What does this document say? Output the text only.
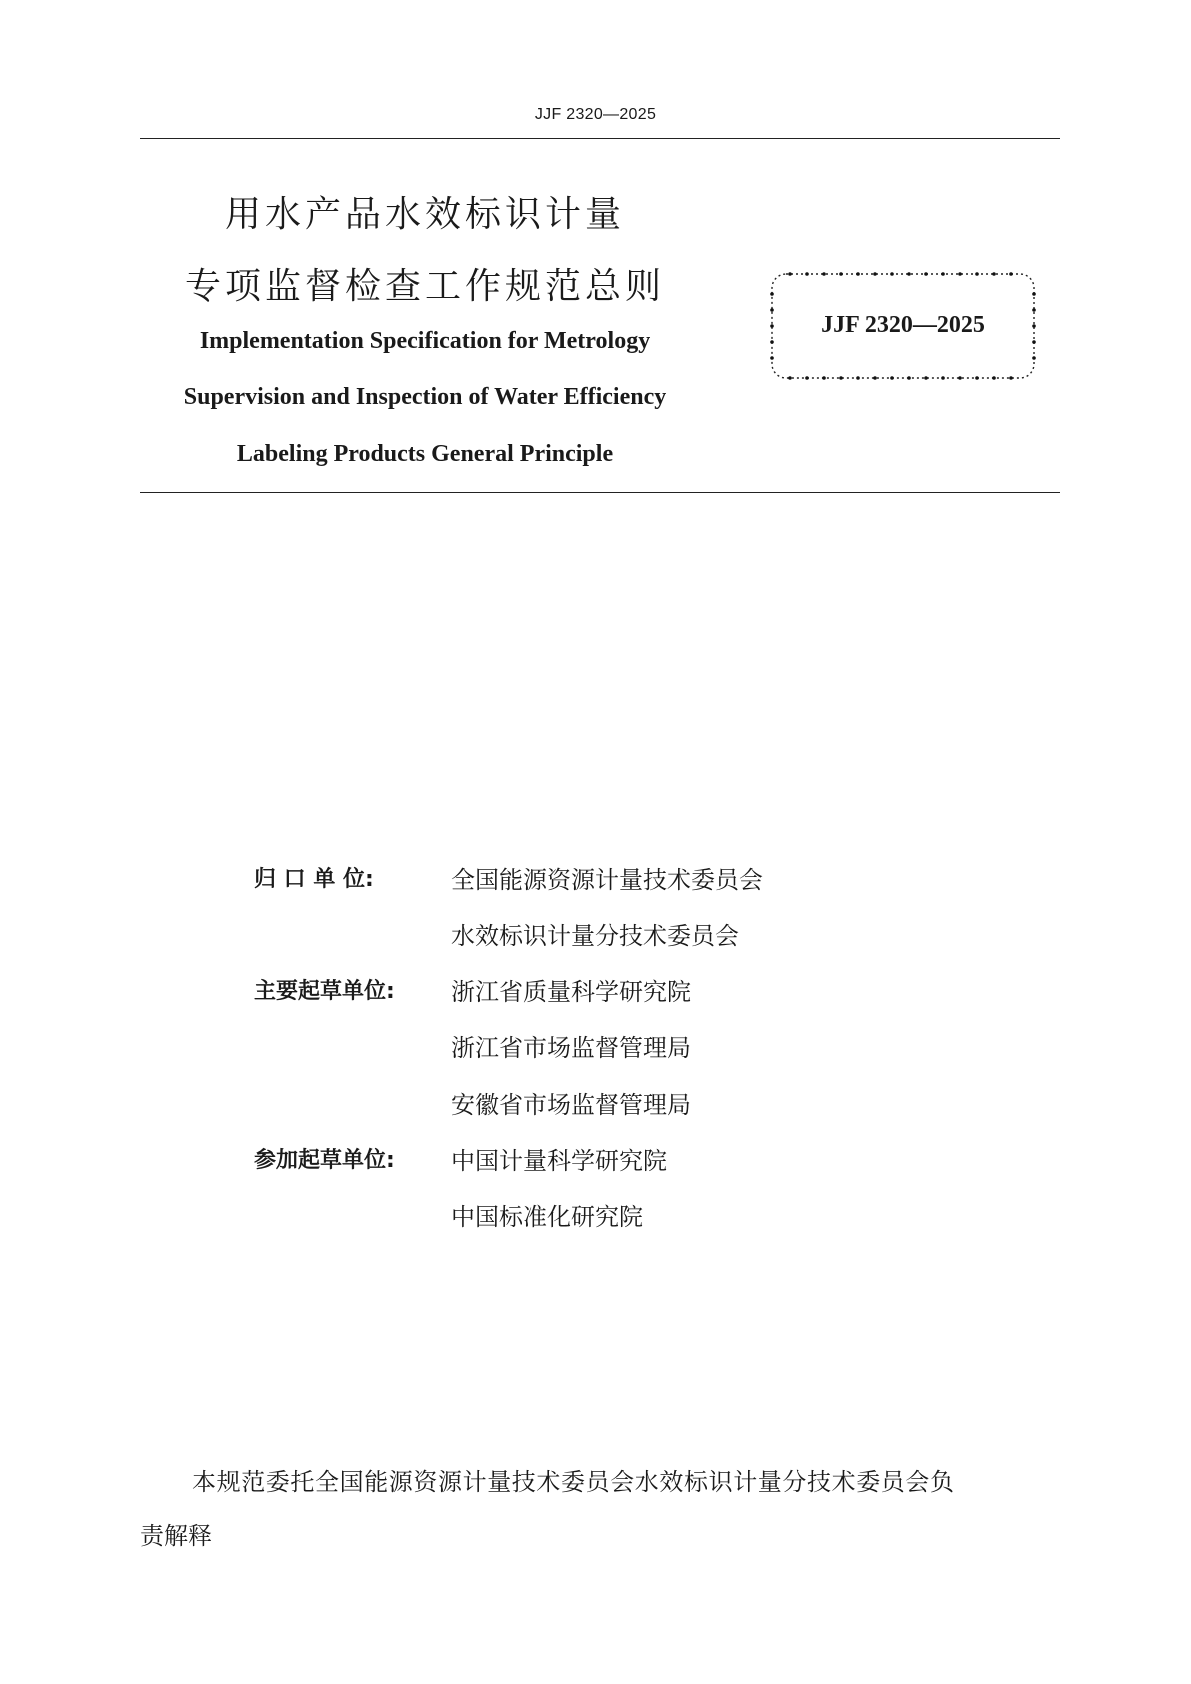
JJF 2320—2025
用水产品水效标识计量
专项监督检查工作规范总则
Implementation Specification for Metrology
Supervision and Inspection of Water Efficiency
Labeling Products General Principle
JJF 2320—2025
归 口 单 位:	全国能源资源计量技术委员会
水效标识计量分技术委员会
主要起草单位:	浙江省质量科学研究院
浙江省市场监督管理局
安徽省市场监督管理局
参加起草单位:	中国计量科学研究院
中国标准化研究院
本规范委托全国能源资源计量技术委员会水效标识计量分技术委员会负
责解释
